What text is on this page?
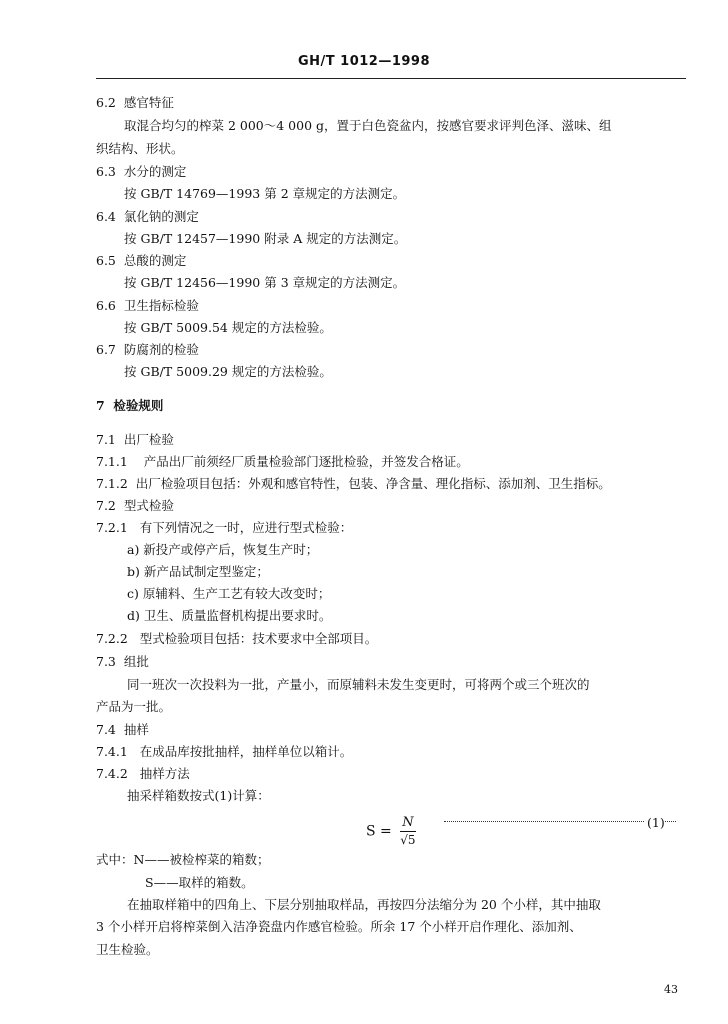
GH/T 1012—1998
6.2 感官特征
取混合均匀的榨菜 2 000～4 000 g，置于白色瓷盆内，按感官要求评判色泽、滋味、组
织结构、形状。
6.3 水分的测定
按 GB/T 14769—1993 第 2 章规定的方法测定。
6.4 氯化钠的测定
按 GB/T 12457—1990 附录 A 规定的方法测定。
6.5 总酸的测定
按 GB/T 12456—1990 第 3 章规定的方法测定。
6.6 卫生指标检验
按 GB/T 5009.54 规定的方法检验。
6.7 防腐剂的检验
按 GB/T 5009.29 规定的方法检验。
7 检验规则
7.1 出厂检验
7.1.1 产品出厂前须经厂质量检验部门逐批检验，并签发合格证。
7.1.2 出厂检验项目包括：外观和感官特性，包装、净含量、理化指标、添加剂、卫生指标。
7.2 型式检验
7.2.1 有下列情况之一时，应进行型式检验：
a) 新投产或停产后，恢复生产时；
b) 新产品试制定型鉴定；
c) 原辅料、生产工艺有较大改变时；
d) 卫生、质量监督机构提出要求时。
7.2.2 型式检验项目包括：技术要求中全部项目。
7.3 组批
同一班次一次投料为一批，产量小，而原辅料未发生变更时，可将两个或三个班次的
产品为一批。
7.4 抽样
7.4.1 在成品库按批抽样，抽样单位以箱计。
7.4.2 抽样方法
抽采样箱数按式(1)计算：
$S = \frac{N}{√5}$	(1)
式中：N——被检榨菜的箱数；
S——取样的箱数。
在抽取样箱中的四角上、下层分别抽取样品，再按四分法缩分为 20 个小样，其中抽取
3 个小样开启将榨菜倒入洁净瓷盘内作感官检验。所余 17 个小样开启作理化、添加剂、
卫生检验。
43
